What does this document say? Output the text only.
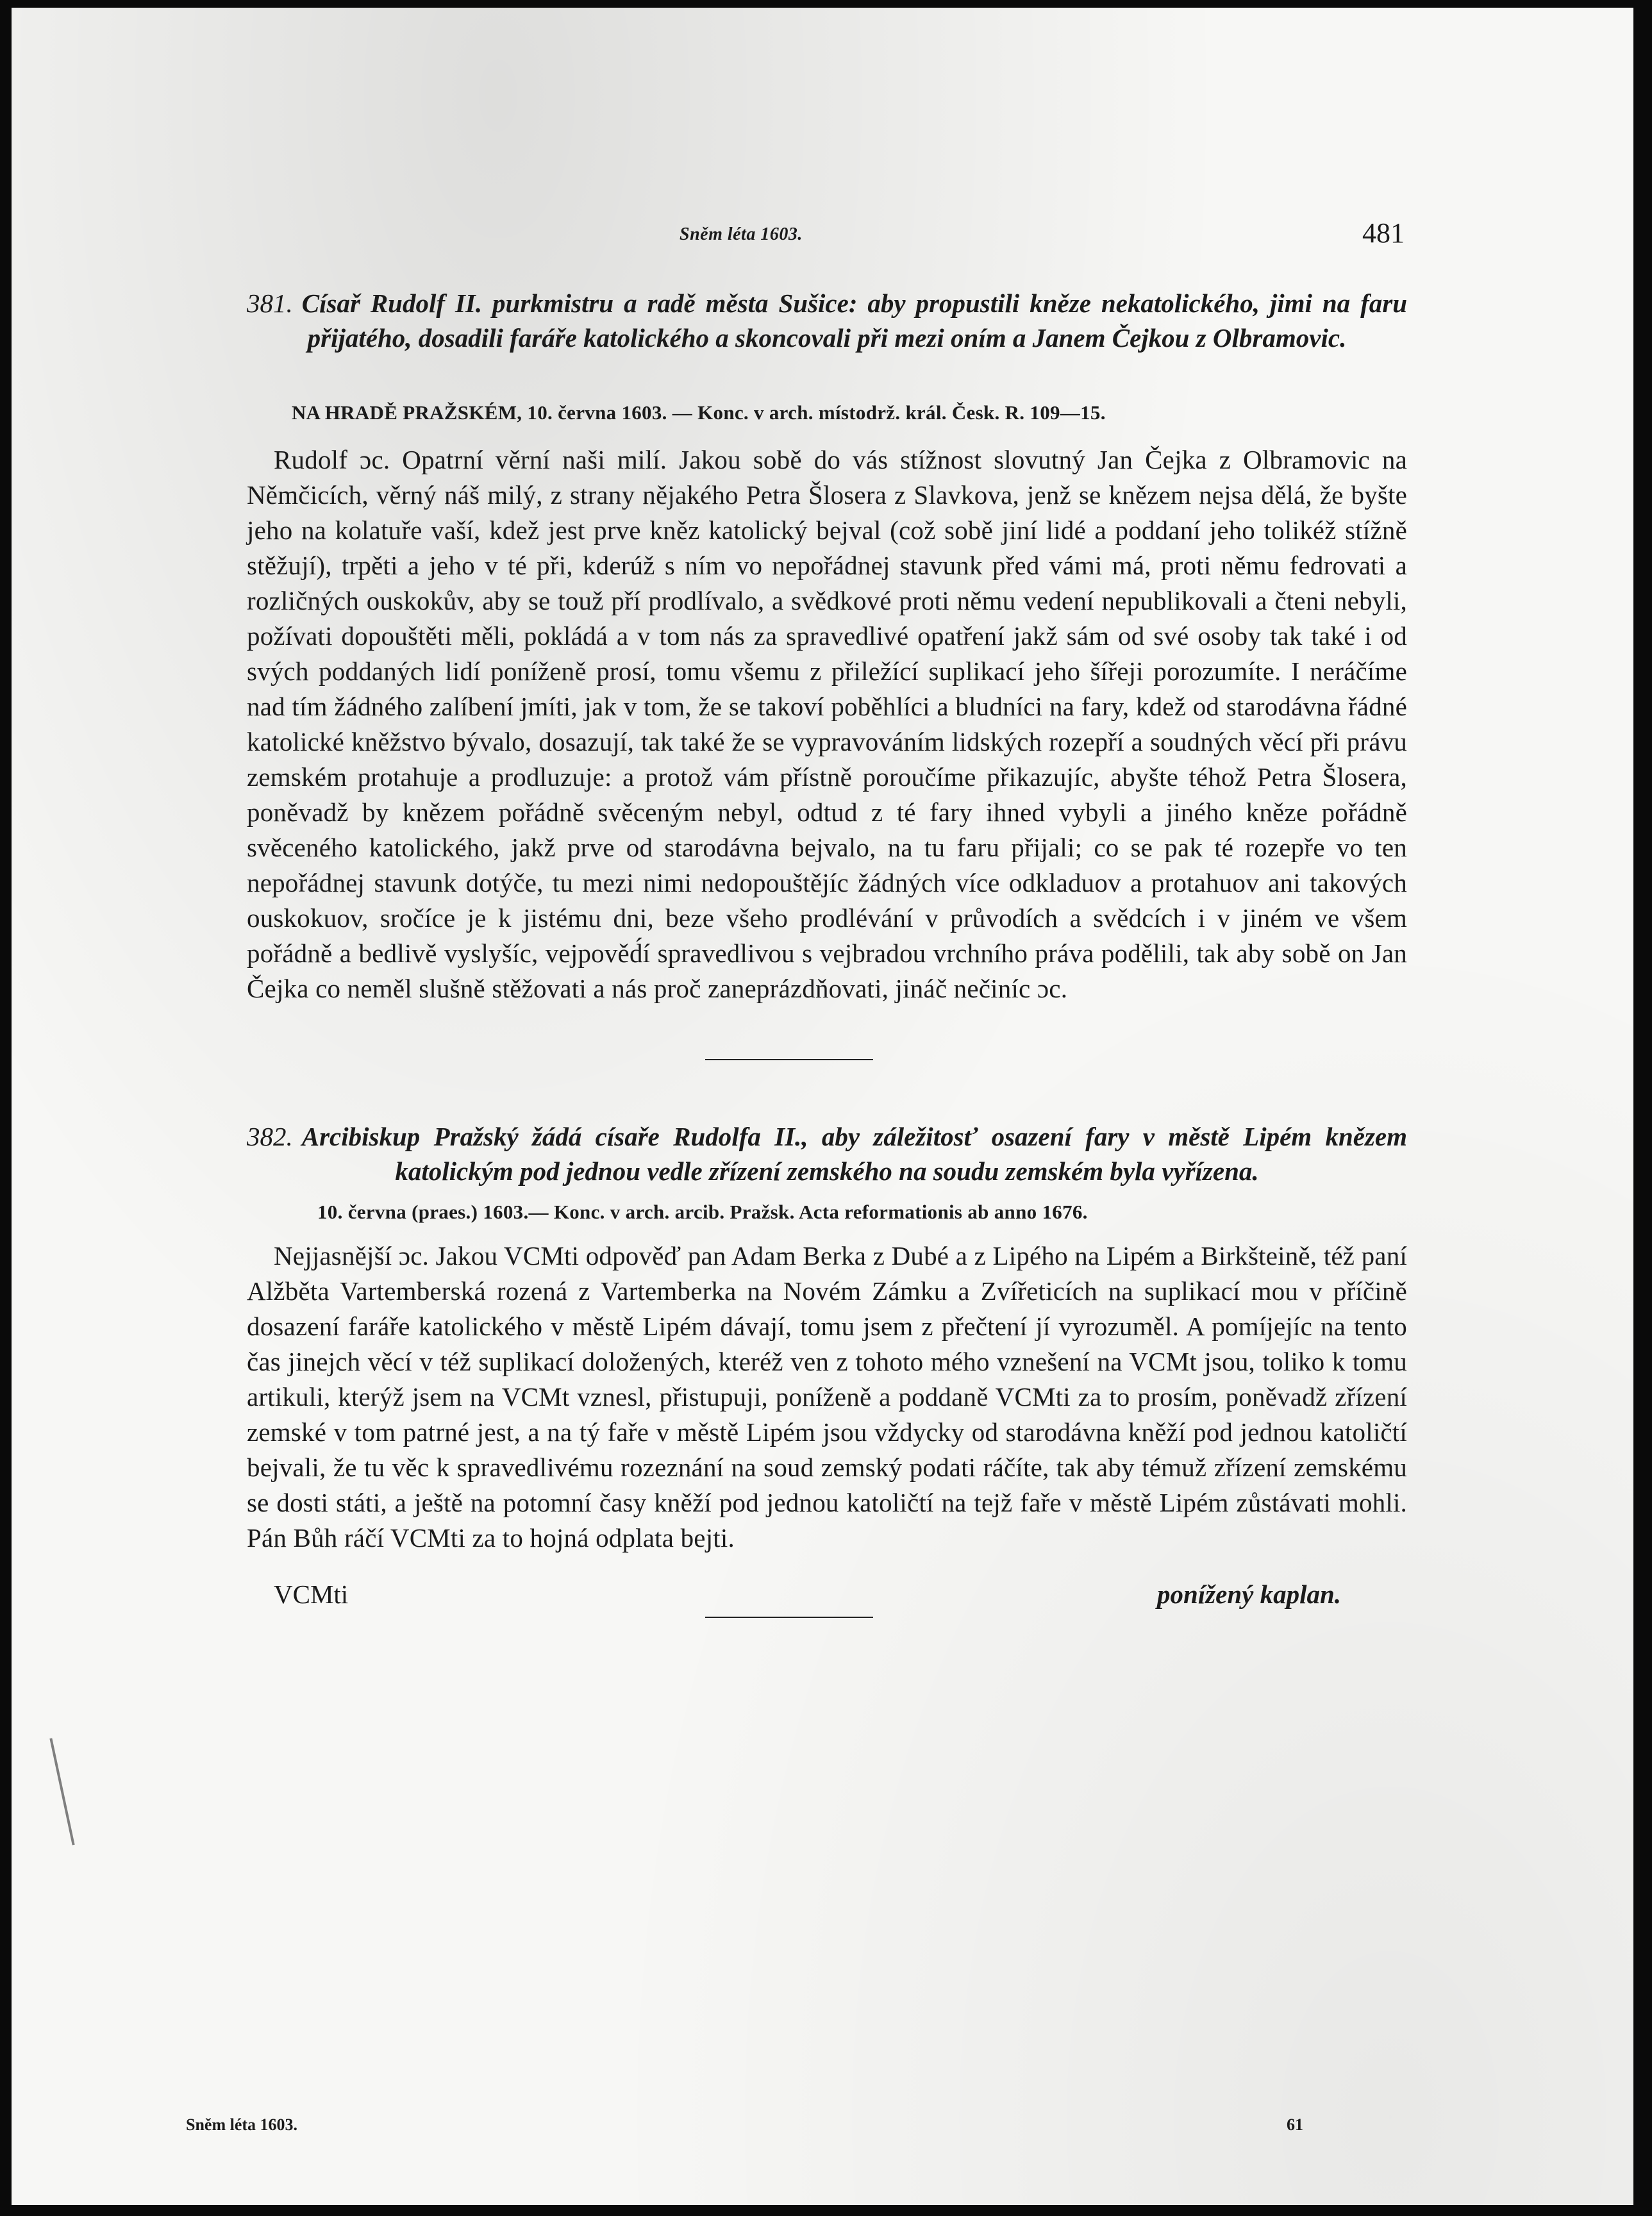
Sněm léta 1603.	481

381. Císař Rudolf II. purkmistru a radě města Sušice: aby propustili kněze nekatolického, jimi na faru přijatého, dosadili faráře katolického a skoncovali při mezi oním a Janem Čejkou z Olbramovic.

NA HRADĚ PRAŽSKÉM, 10. června 1603. — Konc. v arch. místodrž. král. Česk. R. 109—15.

Rudolf ɔc. Opatrní věrní naši milí. Jakou sobě do vás stížnost slovutný Jan Čejka z Olbramovic na Němčicích, věrný náš milý, z strany nějakého Petra Šlosera z Slavkova, jenž se knězem nejsa dělá, že byšte jeho na kolatuře vaší, kdež jest prve kněz katolický bejval (což sobě jiní lidé a poddaní jeho tolikéž stížně stěžují), trpěti a jeho v té při, kderúž s ním vo nepořádnej stavunk před vámi má, proti němu fedrovati a rozličných ouskokův, aby se touž pří prodlívalo, a svědkové proti němu vedení nepublikovali a čteni nebyli, požívati dopouštěti měli, pokládá a v tom nás za spravedlivé opatření jakž sám od své osoby tak také i od svých poddaných lidí poníženě prosí, tomu všemu z přiležící suplikací jeho šířeji porozumíte. I neráčíme nad tím žádného zalíbení jmíti, jak v tom, že se takoví poběhlíci a bludníci na fary, kdež od starodávna řádné katolické kněžstvo bývalo, dosazují, tak také že se vypravováním lidských rozepří a soudných věcí při právu zemském protahuje a prodluzuje: a protož vám přístně poroučíme přikazujíc, abyšte téhož Petra Šlosera, poněvadž by knězem pořádně svěceným nebyl, odtud z té fary ihned vybyli a jiného kněze pořádně svěceného katolického, jakž prve od starodávna bejvalo, na tu faru přijali; co se pak té rozepře vo ten nepořádnej stavunk dotýče, tu mezi nimi nedopouštějíc žádných více odkladuov a protahuov ani takových ouskokuov, sročíce je k jistému dni, beze všeho prodlévání v průvodích a svědcích i v jiném ve všem pořádně a bedlivě vyslyšíc, vejpověd́í spravedlivou s vejbradou vrchního práva podělili, tak aby sobě on Jan Čejka co neměl slušně stěžovati a nás proč zaneprázdňovati, jináč nečiníc ɔc.

382. Arcibiskup Pražský žádá císaře Rudolfa II., aby záležitosť osazení fary v městě Lipém knězem katolickým pod jednou vedle zřízení zemského na soudu zemském byla vyřízena.

10. června (praes.) 1603.— Konc. v arch. arcib. Pražsk. Acta reformationis ab anno 1676.

Nejjasnější ɔc. Jakou VCMti odpověď pan Adam Berka z Dubé a z Lipého na Lipém a Birkšteině, též paní Alžběta Vartemberská rozená z Vartemberka na Novém Zámku a Zvířeticích na suplikací mou v příčině dosazení faráře katolického v městě Lipém dávají, tomu jsem z přečtení jí vyrozuměl. A pomíjejíc na tento čas jinejch věcí v též suplikací doložených, kteréž ven z tohoto mého vznešení na VCMt jsou, toliko k tomu artikuli, kterýž jsem na VCMt vznesl, přistupuji, poníženě a poddaně VCMti za to prosím, poněvadž zřízení zemské v tom patrné jest, a na tý faře v městě Lipém jsou vždycky od starodávna kněží pod jednou katoličtí bejvali, že tu věc k spravedlivému rozeznání na soud zemský podati ráčíte, tak aby témuž zřízení zemskému se dosti státi, a ještě na potomní časy kněží pod jednou katoličtí na tejž faře v městě Lipém zůstávati mohli. Pán Bůh ráčí VCMti za to hojná odplata bejti.

VCMti	ponížený kaplan.
Sněm léta 1603.	61
